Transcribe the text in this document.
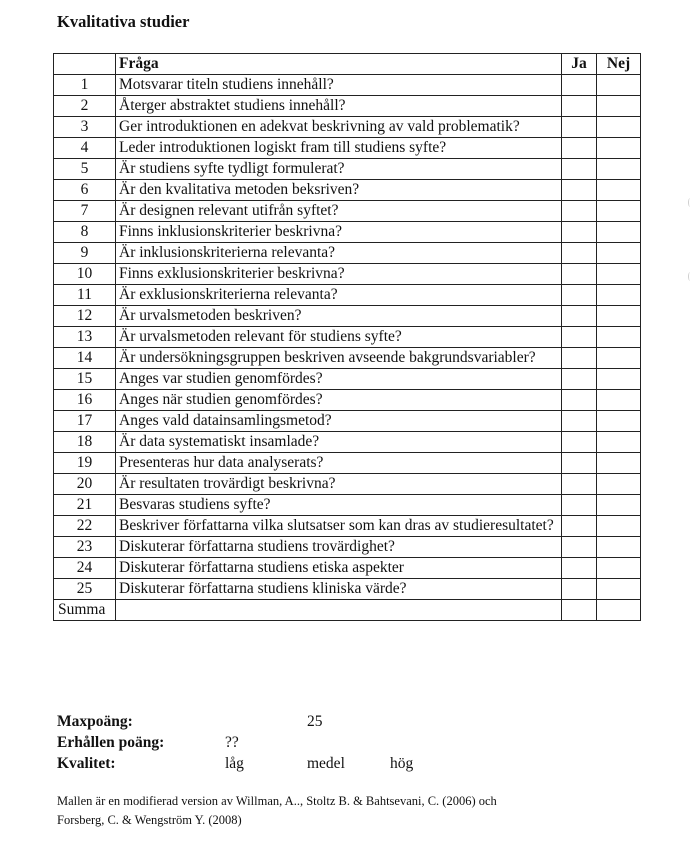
Kvalitativa studier
	Fråga	Ja	Nej
1	Motsvarar titeln studiens innehåll?		
2	Återger abstraktet studiens innehåll?		
3	Ger introduktionen en adekvat beskrivning av vald problematik?		
4	Leder introduktionen logiskt fram till studiens syfte?		
5	Är studiens syfte tydligt formulerat?		
6	Är den kvalitativa metoden beksriven?		
7	Är designen relevant utifrån syftet?		
8	Finns inklusionskriterier beskrivna?		
9	Är inklusionskriterierna relevanta?		
10	Finns exklusionskriterier beskrivna?		
11	Är exklusionskriterierna relevanta?		
12	Är urvalsmetoden beskriven?		
13	Är urvalsmetoden relevant för studiens syfte?		
14	Är undersökningsgruppen beskriven avseende bakgrundsvariabler?		
15	Anges var studien genomfördes?		
16	Anges när studien genomfördes?		
17	Anges vald datainsamlingsmetod?		
18	Är data systematiskt insamlade?		
19	Presenteras hur data analyserats?		
20	Är resultaten trovärdigt beskrivna?		
21	Besvaras studiens syfte?		
22	Beskriver författarna vilka slutsatser som kan dras av studieresultatet?		
23	Diskuterar författarna studiens trovärdighet?		
24	Diskuterar författarna studiens etiska aspekter		
25	Diskuterar författarna studiens kliniska värde?		
Summa			
Maxpoäng:	25
Erhållen poäng:	??
Kvalitet:	låg	medel	hög
Mallen är en modifierad version av Willman, A.., Stoltz B. & Bahtsevani, C. (2006) och
Forsberg, C. & Wengström Y. (2008)
